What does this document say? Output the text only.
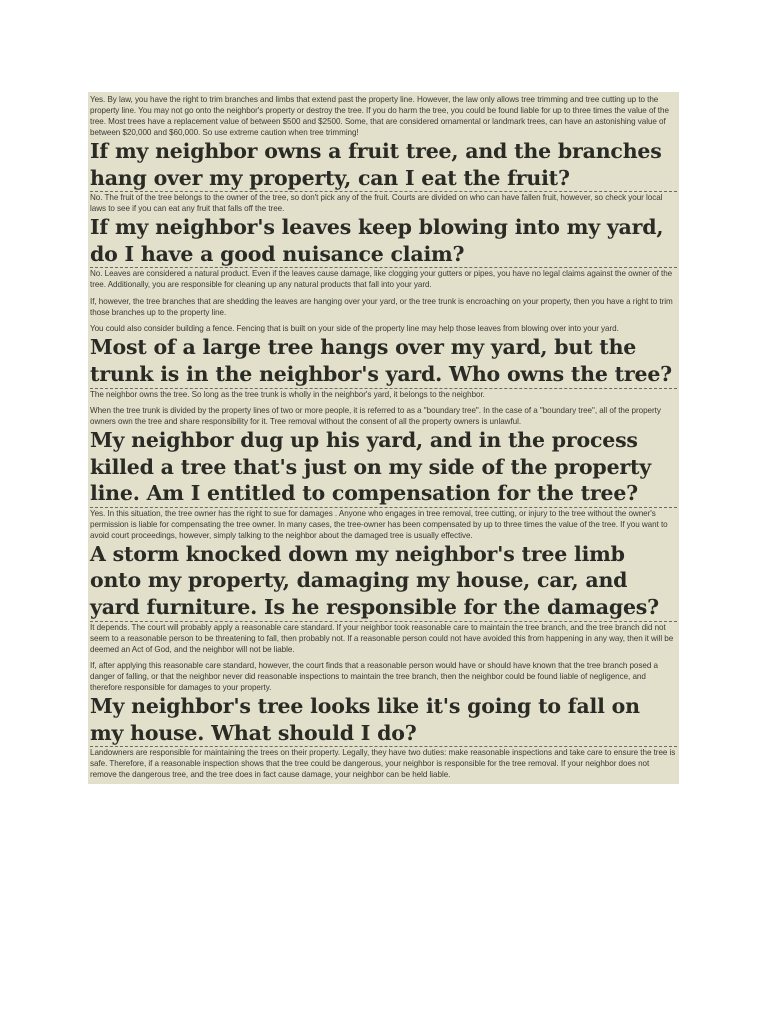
Yes. By law, you have the right to trim branches and limbs that extend past the property line. However, the law only allows tree trimming and tree cutting up to the property line. You may not go onto the neighbor's property or destroy the tree. If you do harm the tree, you could be found liable for up to three times the value of the tree. Most trees have a replacement value of between $500 and $2500. Some, that are considered ornamental or landmark trees, can have an astonishing value of between $20,000 and $60,000. So use extreme caution when tree trimming!

If my neighbor owns a fruit tree, and the branches hang over my property, can I eat the fruit?

No. The fruit of the tree belongs to the owner of the tree, so don't pick any of the fruit. Courts are divided on who can have fallen fruit, however, so check your local laws to see if you can eat any fruit that falls off the tree.

If my neighbor's leaves keep blowing into my yard, do I have a good nuisance claim?

No. Leaves are considered a natural product. Even if the leaves cause damage, like clogging your gutters or pipes, you have no legal claims against the owner of the tree. Additionally, you are responsible for cleaning up any natural products that fall into your yard.

If, however, the tree branches that are shedding the leaves are hanging over your yard, or the tree trunk is encroaching on your property, then you have a right to trim those branches up to the property line.

You could also consider building a fence. Fencing that is built on your side of the property line may help those leaves from blowing over into your yard.

Most of a large tree hangs over my yard, but the trunk is in the neighbor's yard. Who owns the tree?

The neighbor owns the tree. So long as the tree trunk is wholly in the neighbor's yard, it belongs to the neighbor.

When the tree trunk is divided by the property lines of two or more people, it is referred to as a "boundary tree". In the case of a "boundary tree", all of the property owners own the tree and share responsibility for it. Tree removal without the consent of all the property owners is unlawful.

My neighbor dug up his yard, and in the process killed a tree that's just on my side of the property line. Am I entitled to compensation for the tree?

Yes. In this situation, the tree owner has the right to sue for damages . Anyone who engages in tree removal, tree cutting, or injury to the tree without the owner's permission is liable for compensating the tree owner. In many cases, the tree-owner has been compensated by up to three times the value of the tree. If you want to avoid court proceedings, however, simply talking to the neighbor about the damaged tree is usually effective.

A storm knocked down my neighbor's tree limb onto my property, damaging my house, car, and yard furniture. Is he responsible for the damages?

It depends. The court will probably apply a reasonable care standard. If your neighbor took reasonable care to maintain the tree branch, and the tree branch did not seem to a reasonable person to be threatening to fall, then probably not. If a reasonable person could not have avoided this from happening in any way, then it will be deemed an Act of God, and the neighbor will not be liable.

If, after applying this reasonable care standard, however, the court finds that a reasonable person would have or should have known that the tree branch posed a danger of falling, or that the neighbor never did reasonable inspections to maintain the tree branch, then the neighbor could be found liable of negligence, and therefore responsible for damages to your property.

My neighbor's tree looks like it's going to fall on my house. What should I do?

Landowners are responsible for maintaining the trees on their property. Legally, they have two duties: make reasonable inspections and take care to ensure the tree is safe. Therefore, if a reasonable inspection shows that the tree could be dangerous, your neighbor is responsible for the tree removal. If your neighbor does not remove the dangerous tree, and the tree does in fact cause damage, your neighbor can be held liable.
